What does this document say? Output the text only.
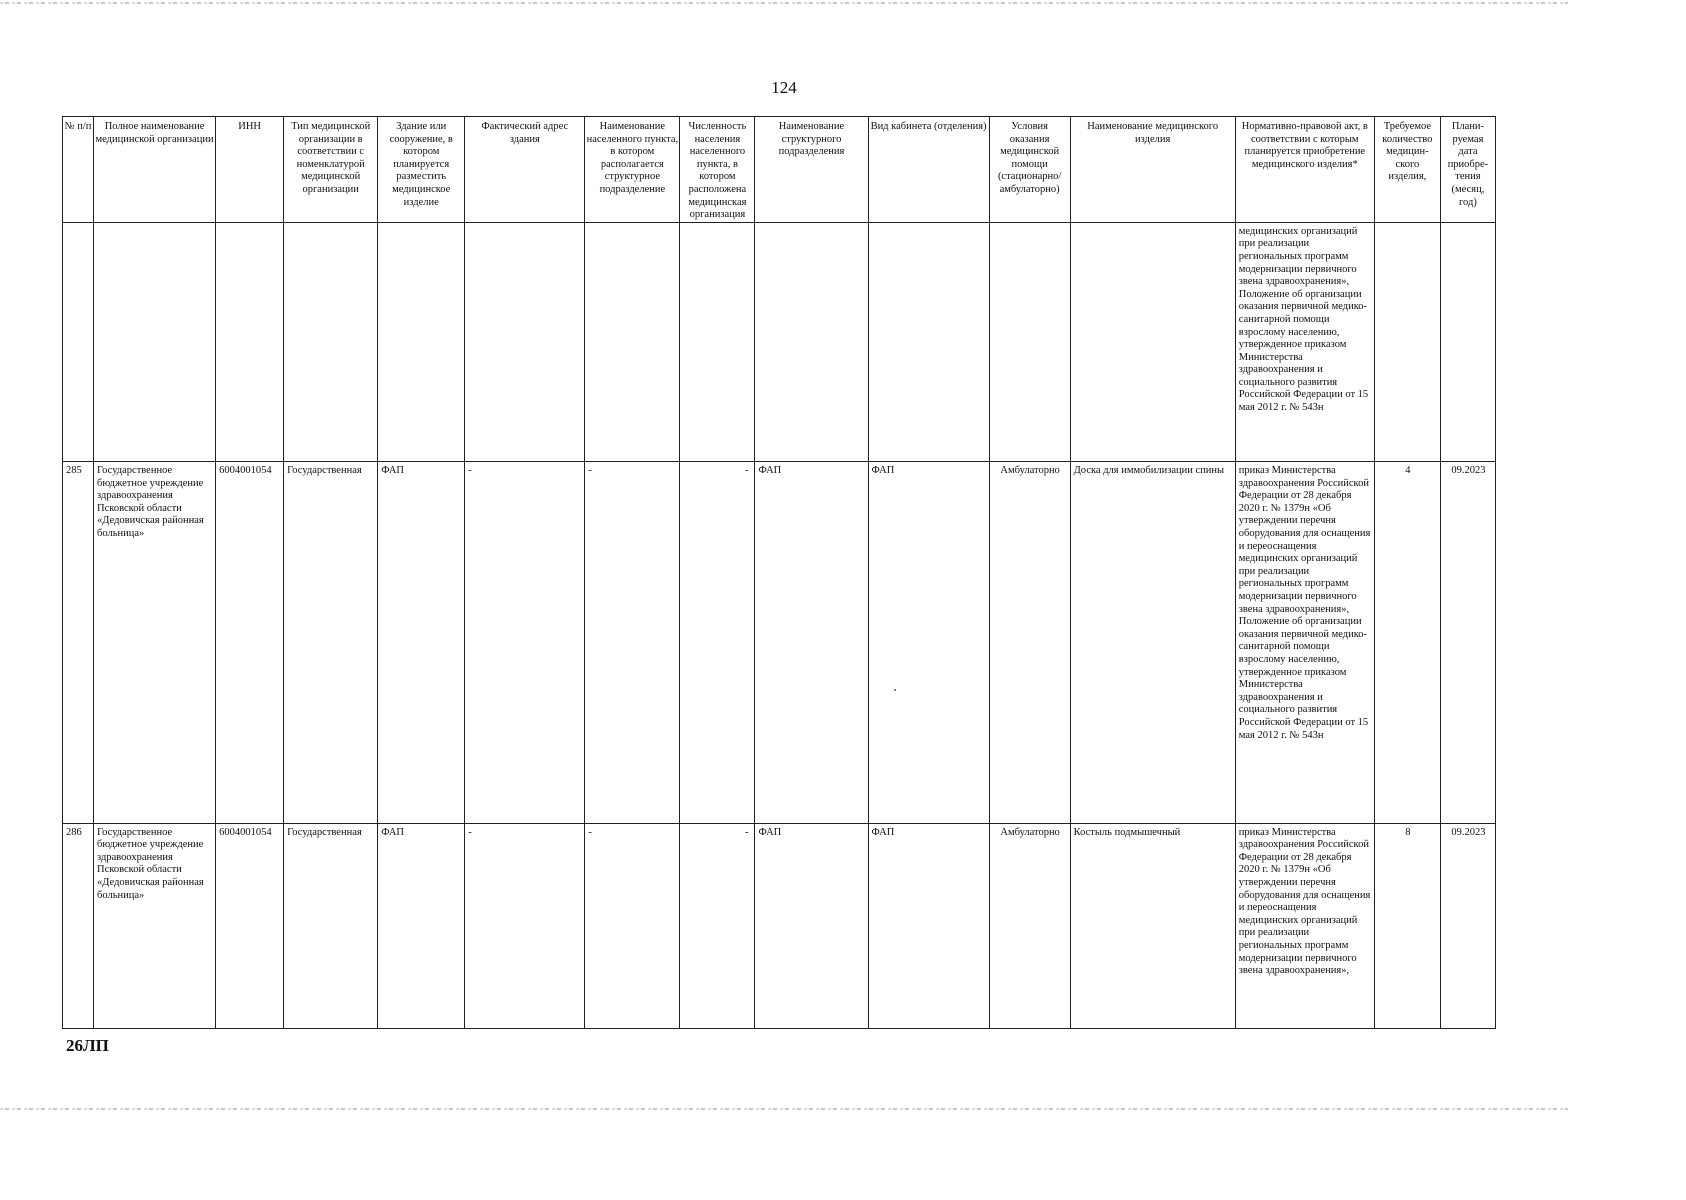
124
№ п/п	Полное наименование медицинской организации	ИНН	Тип медицинской организации в соответствии с номенклатурой медицинской организации	Здание или сооружение, в котором планируется разместить медицинское изделие	Фактический адрес здания	Наименование населенного пункта, в котором располагается структурное подразделение	Численность населения населенного пункта, в котором расположена медицинская организация	Наименование структурного подразделения	Вид кабинета (отделения)	Условия оказания медицинской помощи (стационарно/ амбулаторно)	Наименование медицинского изделия	Нормативно-правовой акт, в соответствии с которым планируется приобретение медицинского изделия*	Требуемое количество медицин-ского изделия,	Плани-руемая дата приобре-тения (месяц, год)
												медицинских организаций при реализации региональных программ модернизации первичного звена здравоохранения», Положение об организации оказания первичной медико-санитарной помощи взрослому населению, утвержденное приказом Министерства здравоохранения и социального развития Российской Федерации от 15 мая 2012 г. № 543н		
285	Государственное бюджетное учреждение здравоохранения Псковской области «Дедовичская районная больница»	6004001054	Государственная	ФАП	-	-	-	ФАП	ФАП	Амбулаторно	Доска для иммобилизации спины	приказ Министерства здравоохранения Российской Федерации от 28 декабря 2020 г. № 1379н «Об утверждении перечня оборудования для оснащения и переоснащения медицинских организаций при реализации региональных программ модернизации первичного звена здравоохранения», Положение об организации оказания первичной медико-санитарной помощи взрослому населению, утвержденное приказом Министерства здравоохранения и социального развития Российской Федерации от 15 мая 2012 г. № 543н	4	09.2023
286	Государственное бюджетное учреждение здравоохранения Псковской области «Дедовичская районная больница»	6004001054	Государственная	ФАП	-	-	-	ФАП	ФАП	Амбулаторно	Костыль подмышечный	приказ Министерства здравоохранения Российской Федерации от 28 декабря 2020 г. № 1379н «Об утверждении перечня оборудования для оснащения и переоснащения медицинских организаций при реализации региональных программ модернизации первичного звена здравоохранения»,	8	09.2023
26ЛП
